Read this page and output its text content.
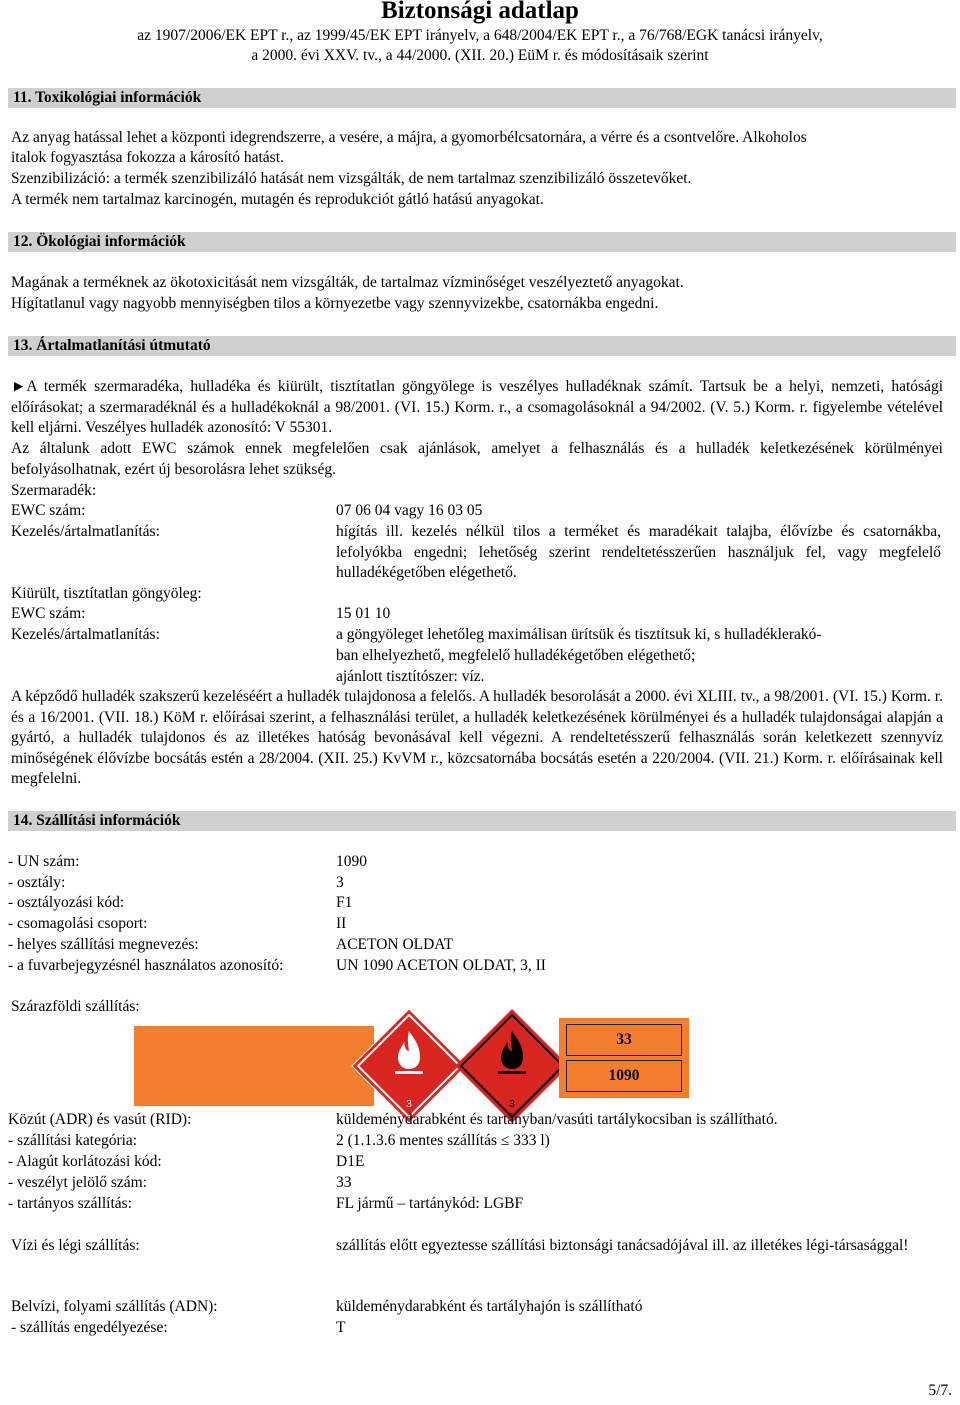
Biztonsági adatlap
az 1907/2006/EK EPT r., az 1999/45/EK EPT irányelv, a 648/2004/EK EPT r., a 76/768/EGK tanácsi irányelv,
a 2000. évi XXV. tv., a 44/2000. (XII. 20.) EüM r. és módosításaik szerint
11. Toxikológiai információk
Az anyag hatással lehet a központi idegrendszerre, a vesére, a májra, a gyomorbélcsatornára, a vérre és a csontvelőre. Alkoholos
italok fogyasztása fokozza a károsító hatást.
Szenzibilizáció: a termék szenzibilizáló hatását nem vizsgálták, de nem tartalmaz szenzibilizáló összetevőket.
A termék nem tartalmaz karcinogén, mutagén és reprodukciót gátló hatású anyagokat.
12. Ökológiai információk
Magának a terméknek az ökotoxicitását nem vizsgálták, de tartalmaz vízminőséget veszélyeztető anyagokat.
Hígítatlanul vagy nagyobb mennyiségben tilos a környezetbe vagy szennyvizekbe, csatornákba engedni.
13. Ártalmatlanítási útmutató
►A termék szermaradéka, hulladéka és kiürült, tisztítatlan göngyölege is veszélyes hulladéknak számít. Tartsuk be a helyi, nemzeti, hatósági előírásokat; a szermaradéknál és a hulladékoknál a 98/2001. (VI. 15.) Korm. r., a csomagolásoknál a 94/2002. (V. 5.) Korm. r. figyelembe vételével kell eljárni. Veszélyes hulladék azonosító: V 55301.
Az általunk adott EWC számok ennek megfelelően csak ajánlások, amelyet a felhasználás és a hulladék keletkezésének körülményei befolyásolhatnak, ezért új besorolásra lehet szükség.
Szermaradék:
EWC szám:	07 06 04 vagy 16 03 05
Kezelés/ártalmatlanítás:	hígítás ill. kezelés nélkül tilos a terméket és maradékait talajba, élővízbe és csatornákba, lefolyókba engedni; lehetőség szerint rendeltetésszerűen használjuk fel, vagy megfelelő hulladékégetőben elégethető.
Kiürült, tisztítatlan göngyöleg:
EWC szám:	15 01 10
Kezelés/ártalmatlanítás:	a göngyöleget lehetőleg maximálisan ürítsük és tisztítsuk ki, s hulladéklerakó-
ban elhelyezhető, megfelelő hulladékégetőben elégethető;
ajánlott tisztítószer: víz.
A képződő hulladék szakszerű kezeléséért a hulladék tulajdonosa a felelős. A hulladék besorolását a 2000. évi XLIII. tv., a 98/2001. (VI. 15.) Korm. r. és a 16/2001. (VII. 18.) KöM r. előírásai szerint, a felhasználási terület, a hulladék keletkezésének körülményei és a hulladék tulajdonságai alapján a gyártó, a hulladék tulajdonos és az illetékes hatóság bevonásával kell végezni. A rendeltetésszerű felhasználás során keletkezett szennyvíz minőségének élővízbe bocsátás estén a 28/2004. (XII. 25.) KvVM r., közcsatornába bocsátás esetén a 220/2004. (VII. 21.) Korm. r. előírásainak kell megfelelni.
14. Szállítási információk
- UN szám:	1090
- osztály:	3
- osztályozási kód:	F1
- csomagolási csoport:	II
- helyes szállítási megnevezés:	ACETON OLDAT
- a fuvarbejegyzésnél használatos azonosító:	UN 1090 ACETON OLDAT, 3, II
Szárazföldi szállítás:
3	3
33
1090
Közút (ADR) és vasút (RID):	küldeménydarabként és tartányban/vasúti tartálykocsiban is szállítható.
- szállítási kategória:	2 (1.1.3.6 mentes szállítás ≤ 333 l)
- Alagút korlátozási kód:	D1E
- veszélyt jelölő szám:	33
- tartányos szállítás:	FL jármű – tartánykód: LGBF
Vízi és légi szállítás:	szállítás előtt egyeztesse szállítási biztonsági tanácsadójával ill. az illetékes légi-társasággal!
Belvízi, folyami szállítás (ADN):	küldeménydarabként és tartályhajón is szállítható
- szállítás engedélyezése:	T
5/7.
